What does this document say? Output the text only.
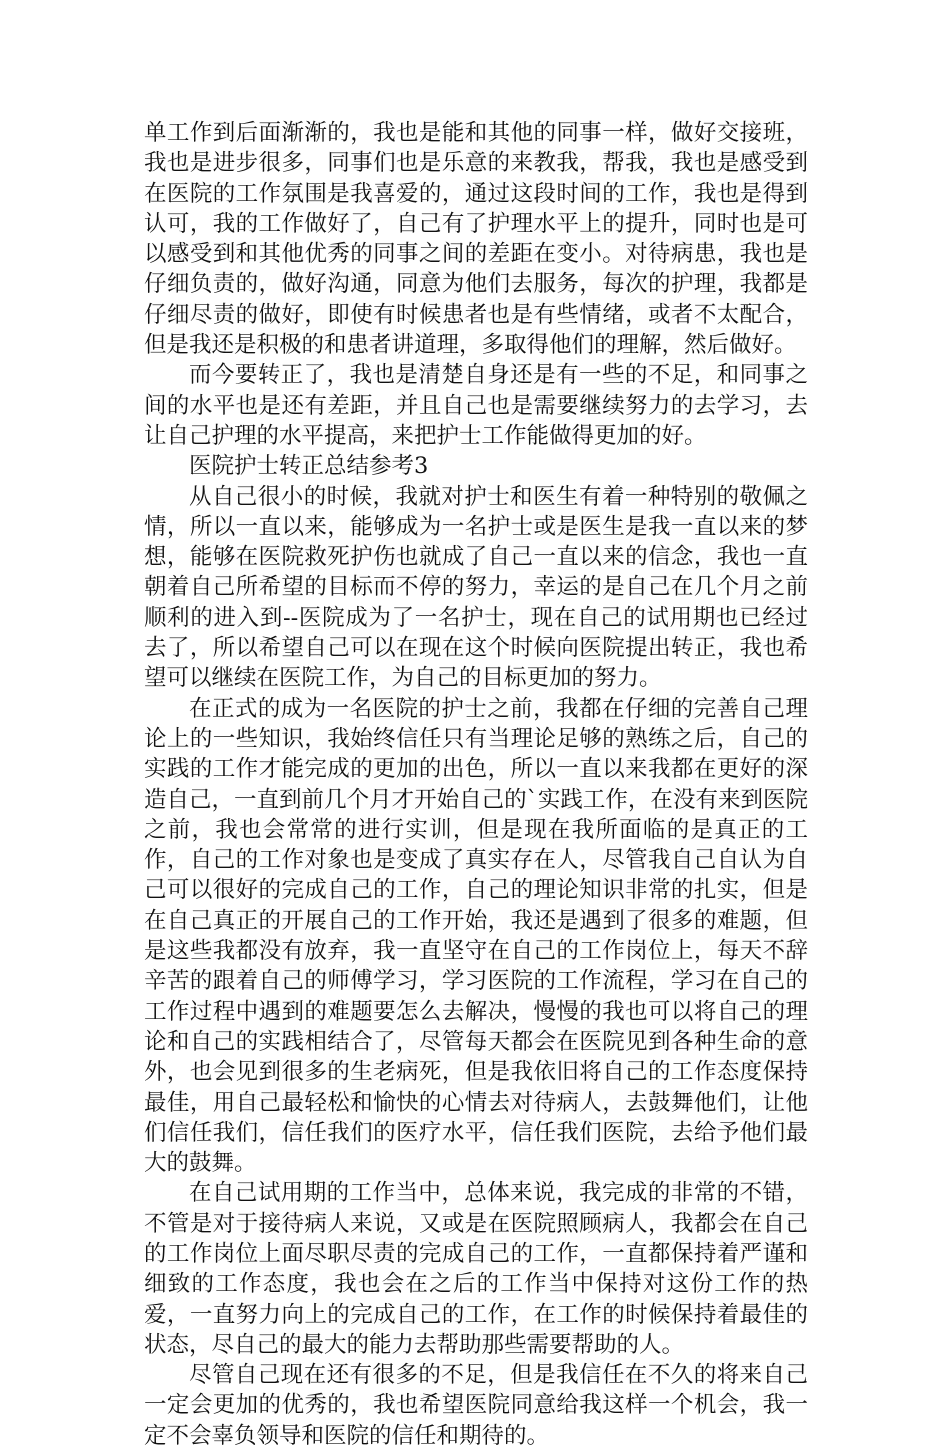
单工作到后面渐渐的，我也是能和其他的同事一样，做好交接班，我也是进步很多，同事们也是乐意的来教我，帮我，我也是感受到在医院的工作氛围是我喜爱的，通过这段时间的工作，我也是得到认可，我的工作做好了，自己有了护理水平上的提升，同时也是可以感受到和其他优秀的同事之间的差距在变小。对待病患，我也是仔细负责的，做好沟通，同意为他们去服务，每次的护理，我都是仔细尽责的做好，即使有时候患者也是有些情绪，或者不太配合，但是我还是积极的和患者讲道理，多取得他们的理解，然后做好。

而今要转正了，我也是清楚自身还是有一些的不足，和同事之间的水平也是还有差距，并且自己也是需要继续努力的去学习，去让自己护理的水平提高，来把护士工作能做得更加的好。

医院护士转正总结参考3

从自己很小的时候，我就对护士和医生有着一种特别的敬佩之情，所以一直以来，能够成为一名护士或是医生是我一直以来的梦想，能够在医院救死护伤也就成了自己一直以来的信念，我也一直朝着自己所希望的目标而不停的努力，幸运的是自己在几个月之前顺利的进入到--医院成为了一名护士，现在自己的试用期也已经过去了，所以希望自己可以在现在这个时候向医院提出转正，我也希望可以继续在医院工作，为自己的目标更加的努力。

在正式的成为一名医院的护士之前，我都在仔细的完善自己理论上的一些知识，我始终信任只有当理论足够的熟练之后，自己的实践的工作才能完成的更加的出色，所以一直以来我都在更好的深造自己，一直到前几个月才开始自己的`实践工作，在没有来到医院之前，我也会常常的进行实训，但是现在我所面临的是真正的工作，自己的工作对象也是变成了真实存在人，尽管我自己自认为自己可以很好的完成自己的工作，自己的理论知识非常的扎实，但是在自己真正的开展自己的工作开始，我还是遇到了很多的难题，但是这些我都没有放弃，我一直坚守在自己的工作岗位上，每天不辞辛苦的跟着自己的师傅学习，学习医院的工作流程，学习在自己的工作过程中遇到的难题要怎么去解决，慢慢的我也可以将自己的理论和自己的实践相结合了，尽管每天都会在医院见到各种生命的意外，也会见到很多的生老病死，但是我依旧将自己的工作态度保持最佳，用自己最轻松和愉快的心情去对待病人，去鼓舞他们，让他们信任我们，信任我们的医疗水平，信任我们医院，去给予他们最大的鼓舞。

在自己试用期的工作当中，总体来说，我完成的非常的不错，不管是对于接待病人来说，又或是在医院照顾病人，我都会在自己的工作岗位上面尽职尽责的完成自己的工作，一直都保持着严谨和细致的工作态度，我也会在之后的工作当中保持对这份工作的热爱，一直努力向上的完成自己的工作，在工作的时候保持着最佳的状态，尽自己的最大的能力去帮助那些需要帮助的人。

尽管自己现在还有很多的不足，但是我信任在不久的将来自己一定会更加的优秀的，我也希望医院同意给我这样一个机会，我一定不会辜负领导和医院的信任和期待的。
